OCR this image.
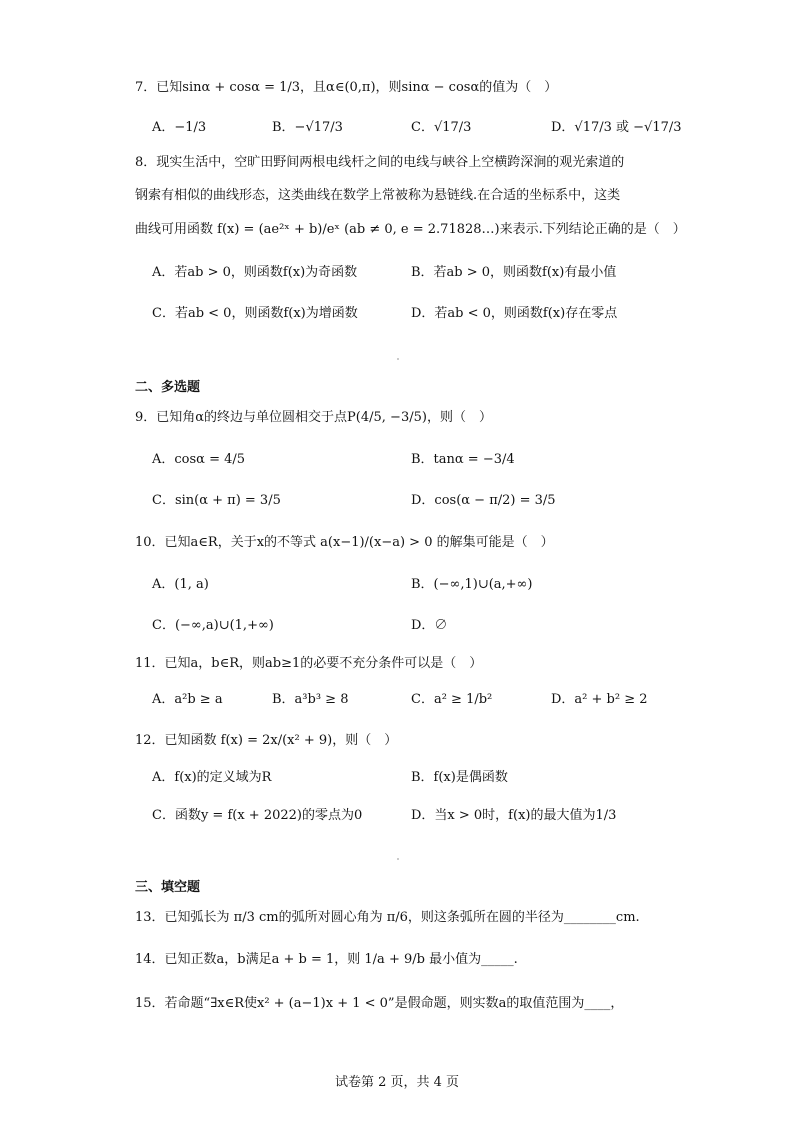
7．已知sinα + cosα = 1/3，且α∈(0,π)，则sinα − cosα的值为（　）
A．−1/3	B．−√17/3	C．√17/3	D．√17/3 或 −√17/3
8．现实生活中，空旷田野间两根电线杆之间的电线与峡谷上空横跨深涧的观光索道的
钢索有相似的曲线形态，这类曲线在数学上常被称为悬链线.在合适的坐标系中，这类
曲线可用函数 f(x) = (ae²ˣ + b)/eˣ (ab ≠ 0, e = 2.71828…)来表示.下列结论正确的是（　）
A．若ab > 0，则函数f(x)为奇函数	B．若ab > 0，则函数f(x)有最小值
C．若ab < 0，则函数f(x)为增函数	D．若ab < 0，则函数f(x)存在零点
二、多选题
9．已知角α的终边与单位圆相交于点P(4/5, −3/5)，则（　）
A．cosα = 4/5	B．tanα = −3/4
C．sin(α + π) = 3/5	D．cos(α − π/2) = 3/5
10．已知a∈R，关于x的不等式 a(x−1)/(x−a) > 0 的解集可能是（　）
A．(1, a)	B．(−∞,1)∪(a,+∞)
C．(−∞,a)∪(1,+∞)	D．∅
11．已知a，b∈R，则ab≥1的必要不充分条件可以是（　）
A．a²b ≥ a	B．a³b³ ≥ 8	C．a² ≥ 1/b²	D．a² + b² ≥ 2
12．已知函数 f(x) = 2x/(x² + 9)，则（　）
A．f(x)的定义域为R	B．f(x)是偶函数
C．函数y = f(x + 2022)的零点为0	D．当x > 0时，f(x)的最大值为1/3
三、填空题
13．已知弧长为 π/3 cm的弧所对圆心角为 π/6，则这条弧所在圆的半径为________cm.
14．已知正数a，b满足a + b = 1，则 1/a + 9/b 最小值为_____.
15．若命题“∃x∈R使x² + (a−1)x + 1 < 0”是假命题，则实数a的取值范围为____，
试卷第 2 页，共 4 页
